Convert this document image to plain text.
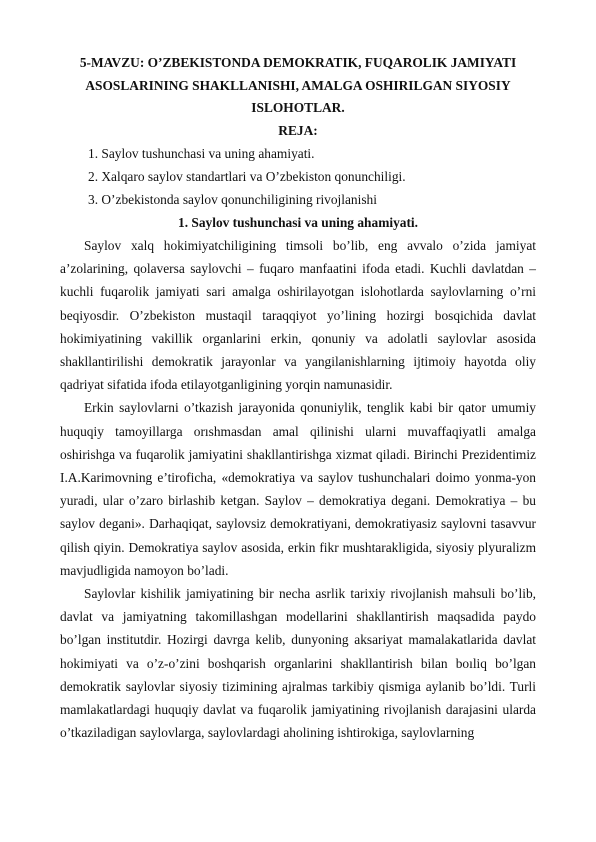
5-MAVZU: O’ZBEKISTONDA DEMOKRATIK, FUQAROLIK JAMIYATI ASOSLARINING SHAKLLANISHI, AMALGA OSHIRILGAN SIYOSIY ISLOHOTLAR.

REJA:

1. Saylov tushunchasi va uning ahamiyati.
2. Xalqaro saylov standartlari va O’zbekiston qonunchiligi.
3. O’zbekistonda saylov qonunchiligining rivojlanishi
1. Saylov tushunchasi va uning ahamiyati.

Saylov xalq hokimiyatchiligining timsoli bo’lib, eng avvalo o’zida jamiyat a’zolarining, qolaversa saylovchi – fuqaro manfaatini ifoda etadi. Kuchli davlatdan – kuchli fuqarolik jamiyati sari amalga oshirilayotgan islohotlarda saylovlarning o’rni beqiyosdir. O’zbekiston mustaqil taraqqiyot yo’lining hozirgi bosqichida davlat hokimiyatining vakillik organlarini erkin, qonuniy va adolatli saylovlar asosida shakllantirilishi demokratik jarayonlar va yangilanishlarning ijtimoiy hayotda oliy qadriyat sifatida ifoda etilayotganligining yorqin namunasidir.

Erkin saylovlarni o’tkazish jarayonida qonuniylik, tenglik kabi bir qator umumiy huquqiy tamoyillarga orıshmasdan amal qilinishi ularni muvaffaqiyatli amalga oshirishga va fuqarolik jamiyatini shakllantirishga xizmat qiladi. Birinchi Prezidentimiz I.A.Karimovning e’tirofiсha, «demokratiya va saylov tushunchalari doimo yonma-yon yuradi, ular o’zaro birlashib ketgan. Saylov – demokratiya degani. Demokratiya – bu saylov degani». Darhaqiqat, saylovsiz demokratiyani, demokratiyasiz saylovni tasavvur qilish qiyin. Demokratiya saylov asosida, erkin fikr mushtarakligida, siyosiy plyuralizm mavjudligida namoyon bo’ladi.

Saylovlar kishilik jamiyatining bir necha asrlik tarixiy rivojlanish mahsuli bo’lib, davlat va jamiyatning takomillashgan modellarini shakllantirish maqsadida paydo bo’lgan institutdir. Hozirgi davrga kelib, dunyoning aksariyat mamalakatlarida davlat hokimiyati va o’z-o’zini boshqarish organlarini shakllantirish bilan boıliq bo’lgan demokratik saylovlar siyosiy tizimining ajralmas tarkibiy qismiga aylanib bo’ldi. Turli mamlakatlardagi huquqiy davlat va fuqarolik jamiyatining rivojlanish darajasini ularda o’tkaziladigan saylovlarga, saylovlardagi aholining ishtirokiga, saylovlarning
